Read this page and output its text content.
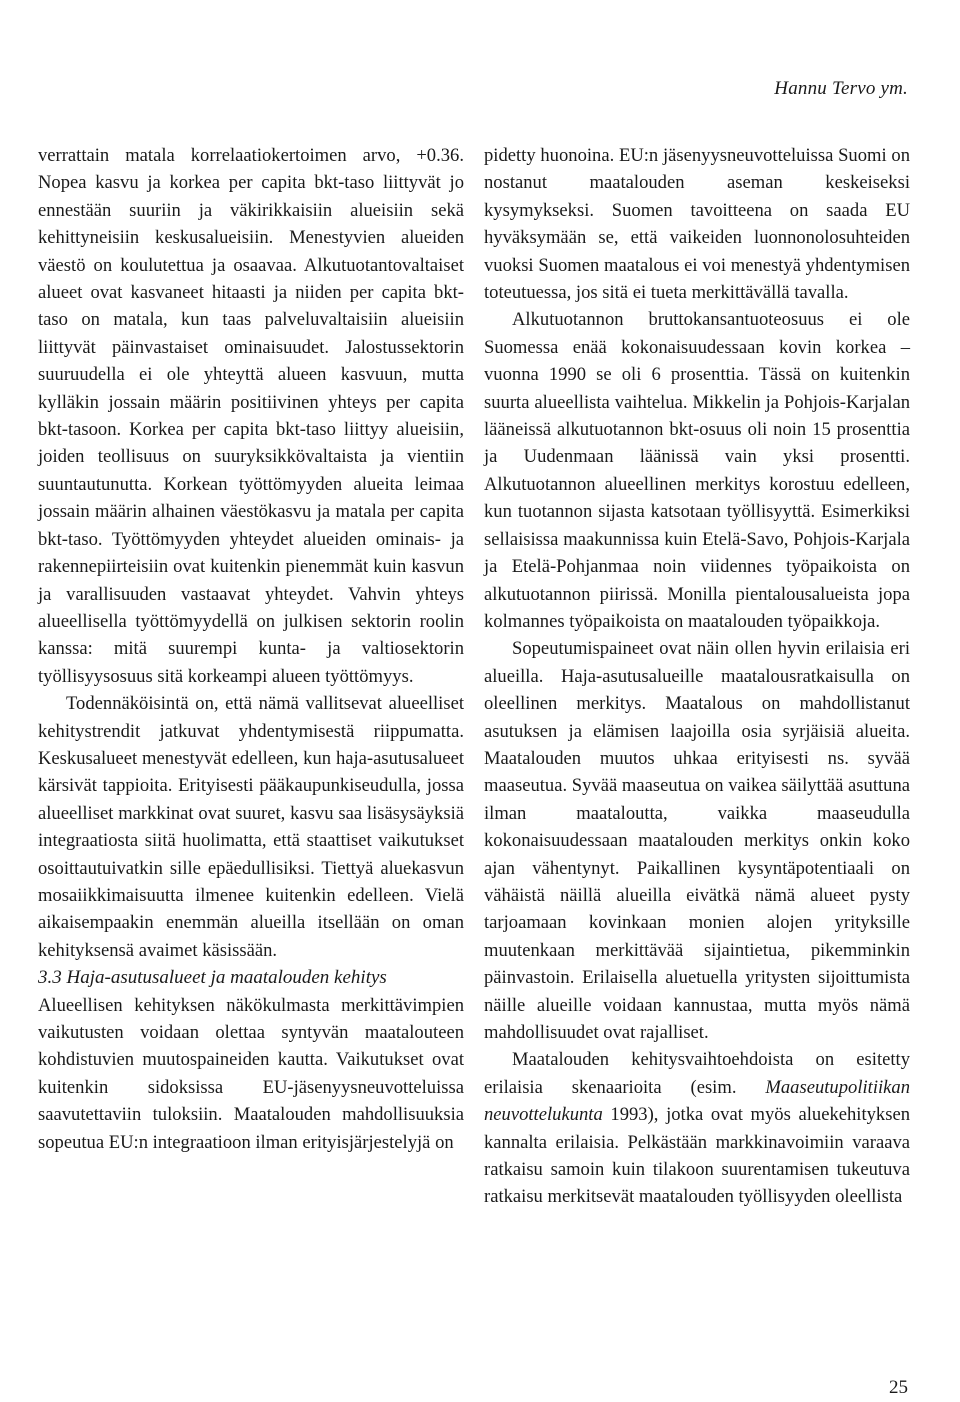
Hannu Tervo ym.

verrattain matala korrelaatiokertoimen arvo, +0.36. Nopea kasvu ja korkea per capita bkt-taso liittyvät jo ennestään suuriin ja väkirikkaisiin alueisiin sekä kehittyneisiin keskusalueisiin. Menestyvien alueiden väestö on koulutettua ja osaavaa. Alkutuotantovaltaiset alueet ovat kasvaneet hitaasti ja niiden per capita bkt-taso on matala, kun taas palveluvaltaisiin alueisiin liittyvät päinvastaiset ominaisuudet. Jalostussektorin suuruudella ei ole yhteyttä alueen kasvuun, mutta kylläkin jossain määrin positiivinen yhteys per capita bkt-tasoon. Korkea per capita bkt-taso liittyy alueisiin, joiden teollisuus on suuryksikkövaltaista ja vientiin suuntautunutta. Korkean työttömyyden alueita leimaa jossain määrin alhainen väestökasvu ja matala per capita bkt-taso. Työttömyyden yhteydet alueiden ominais- ja rakennepiirteisiin ovat kuitenkin pienemmät kuin kasvun ja varallisuuden vastaavat yhteydet. Vahvin yhteys alueellisella työttömyydellä on julkisen sektorin roolin kanssa: mitä suurempi kunta- ja valtiosektorin työllisyysosuus sitä korkeampi alueen työttömyys.

Todennäköisintä on, että nämä vallitsevat alueelliset kehitystrendit jatkuvat yhdentymisestä riippumatta. Keskusalueet menestyvät edelleen, kun haja-asutusalueet kärsivät tappioita. Erityisesti pääkaupunkiseudulla, jossa alueelliset markkinat ovat suuret, kasvu saa lisäsysäyksiä integraatiosta siitä huolimatta, että staattiset vaikutukset osoittautuivatkin sille epäedullisiksi. Tiettyä aluekasvun mosaiikkimaisuutta ilmenee kuitenkin edelleen. Vielä aikaisempaakin enemmän alueilla itsellään on oman kehityksensä avaimet käsissään.

3.3 Haja-asutusalueet ja maatalouden kehitys

Alueellisen kehityksen näkökulmasta merkittävimpien vaikutusten voidaan olettaa syntyvän maatalouteen kohdistuvien muutospaineiden kautta. Vaikutukset ovat kuitenkin sidoksissa EU-jäsenyysneuvotteluissa saavutettaviin tuloksiin. Maatalouden mahdollisuuksia sopeutua EU:n integraatioon ilman erityisjärjestelyjä on

pidetty huonoina. EU:n jäsenyysneuvotteluissa Suomi on nostanut maatalouden aseman keskeiseksi kysymykseksi. Suomen tavoitteena on saada EU hyväksymään se, että vaikeiden luonnonolosuhteiden vuoksi Suomen maatalous ei voi menestyä yhdentymisen toteutuessa, jos sitä ei tueta merkittävällä tavalla.

Alkutuotannon bruttokansantuoteosuus ei ole Suomessa enää kokonaisuudessaan kovin korkea – vuonna 1990 se oli 6 prosenttia. Tässä on kuitenkin suurta alueellista vaihtelua. Mikkelin ja Pohjois-Karjalan lääneissä alkutuotannon bkt-osuus oli noin 15 prosenttia ja Uudenmaan läänissä vain yksi prosentti. Alkutuotannon alueellinen merkitys korostuu edelleen, kun tuotannon sijasta katsotaan työllisyyttä. Esimerkiksi sellaisissa maakunnissa kuin Etelä-Savo, Pohjois-Karjala ja Etelä-Pohjanmaa noin viidennes työpaikoista on alkutuotannon piirissä. Monilla pientalousalueista jopa kolmannes työpaikoista on maatalouden työpaikkoja.

Sopeutumispaineet ovat näin ollen hyvin erilaisia eri alueilla. Haja-asutusalueille maatalousratkaisulla on oleellinen merkitys. Maatalous on mahdollistanut asutuksen ja elämisen laajoilla osia syrjäisiä alueita. Maatalouden muutos uhkaa erityisesti ns. syvää maaseutua. Syvää maaseutua on vaikea säilyttää asuttuna ilman maataloutta, vaikka maaseudulla kokonaisuudessaan maatalouden merkitys onkin koko ajan vähentynyt. Paikallinen kysyntäpotentiaali on vähäistä näillä alueilla eivätkä nämä alueet pysty tarjoamaan kovinkaan monien alojen yrityksille muutenkaan merkittävää sijaintietua, pikemminkin päinvastoin. Erilaisella aluetuella yritysten sijoittumista näille alueille voidaan kannustaa, mutta myös nämä mahdollisuudet ovat rajalliset.

Maatalouden kehitysvaihtoehdoista on esitetty erilaisia skenaarioita (esim. Maaseutupolitiikan neuvottelukunta 1993), jotka ovat myös aluekehityksen kannalta erilaisia. Pelkästään markkinavoimiin varaava ratkaisu samoin kuin tilakoon suurentamisen tukeutuva ratkaisu merkitsevät maatalouden työllisyyden oleellista

25
